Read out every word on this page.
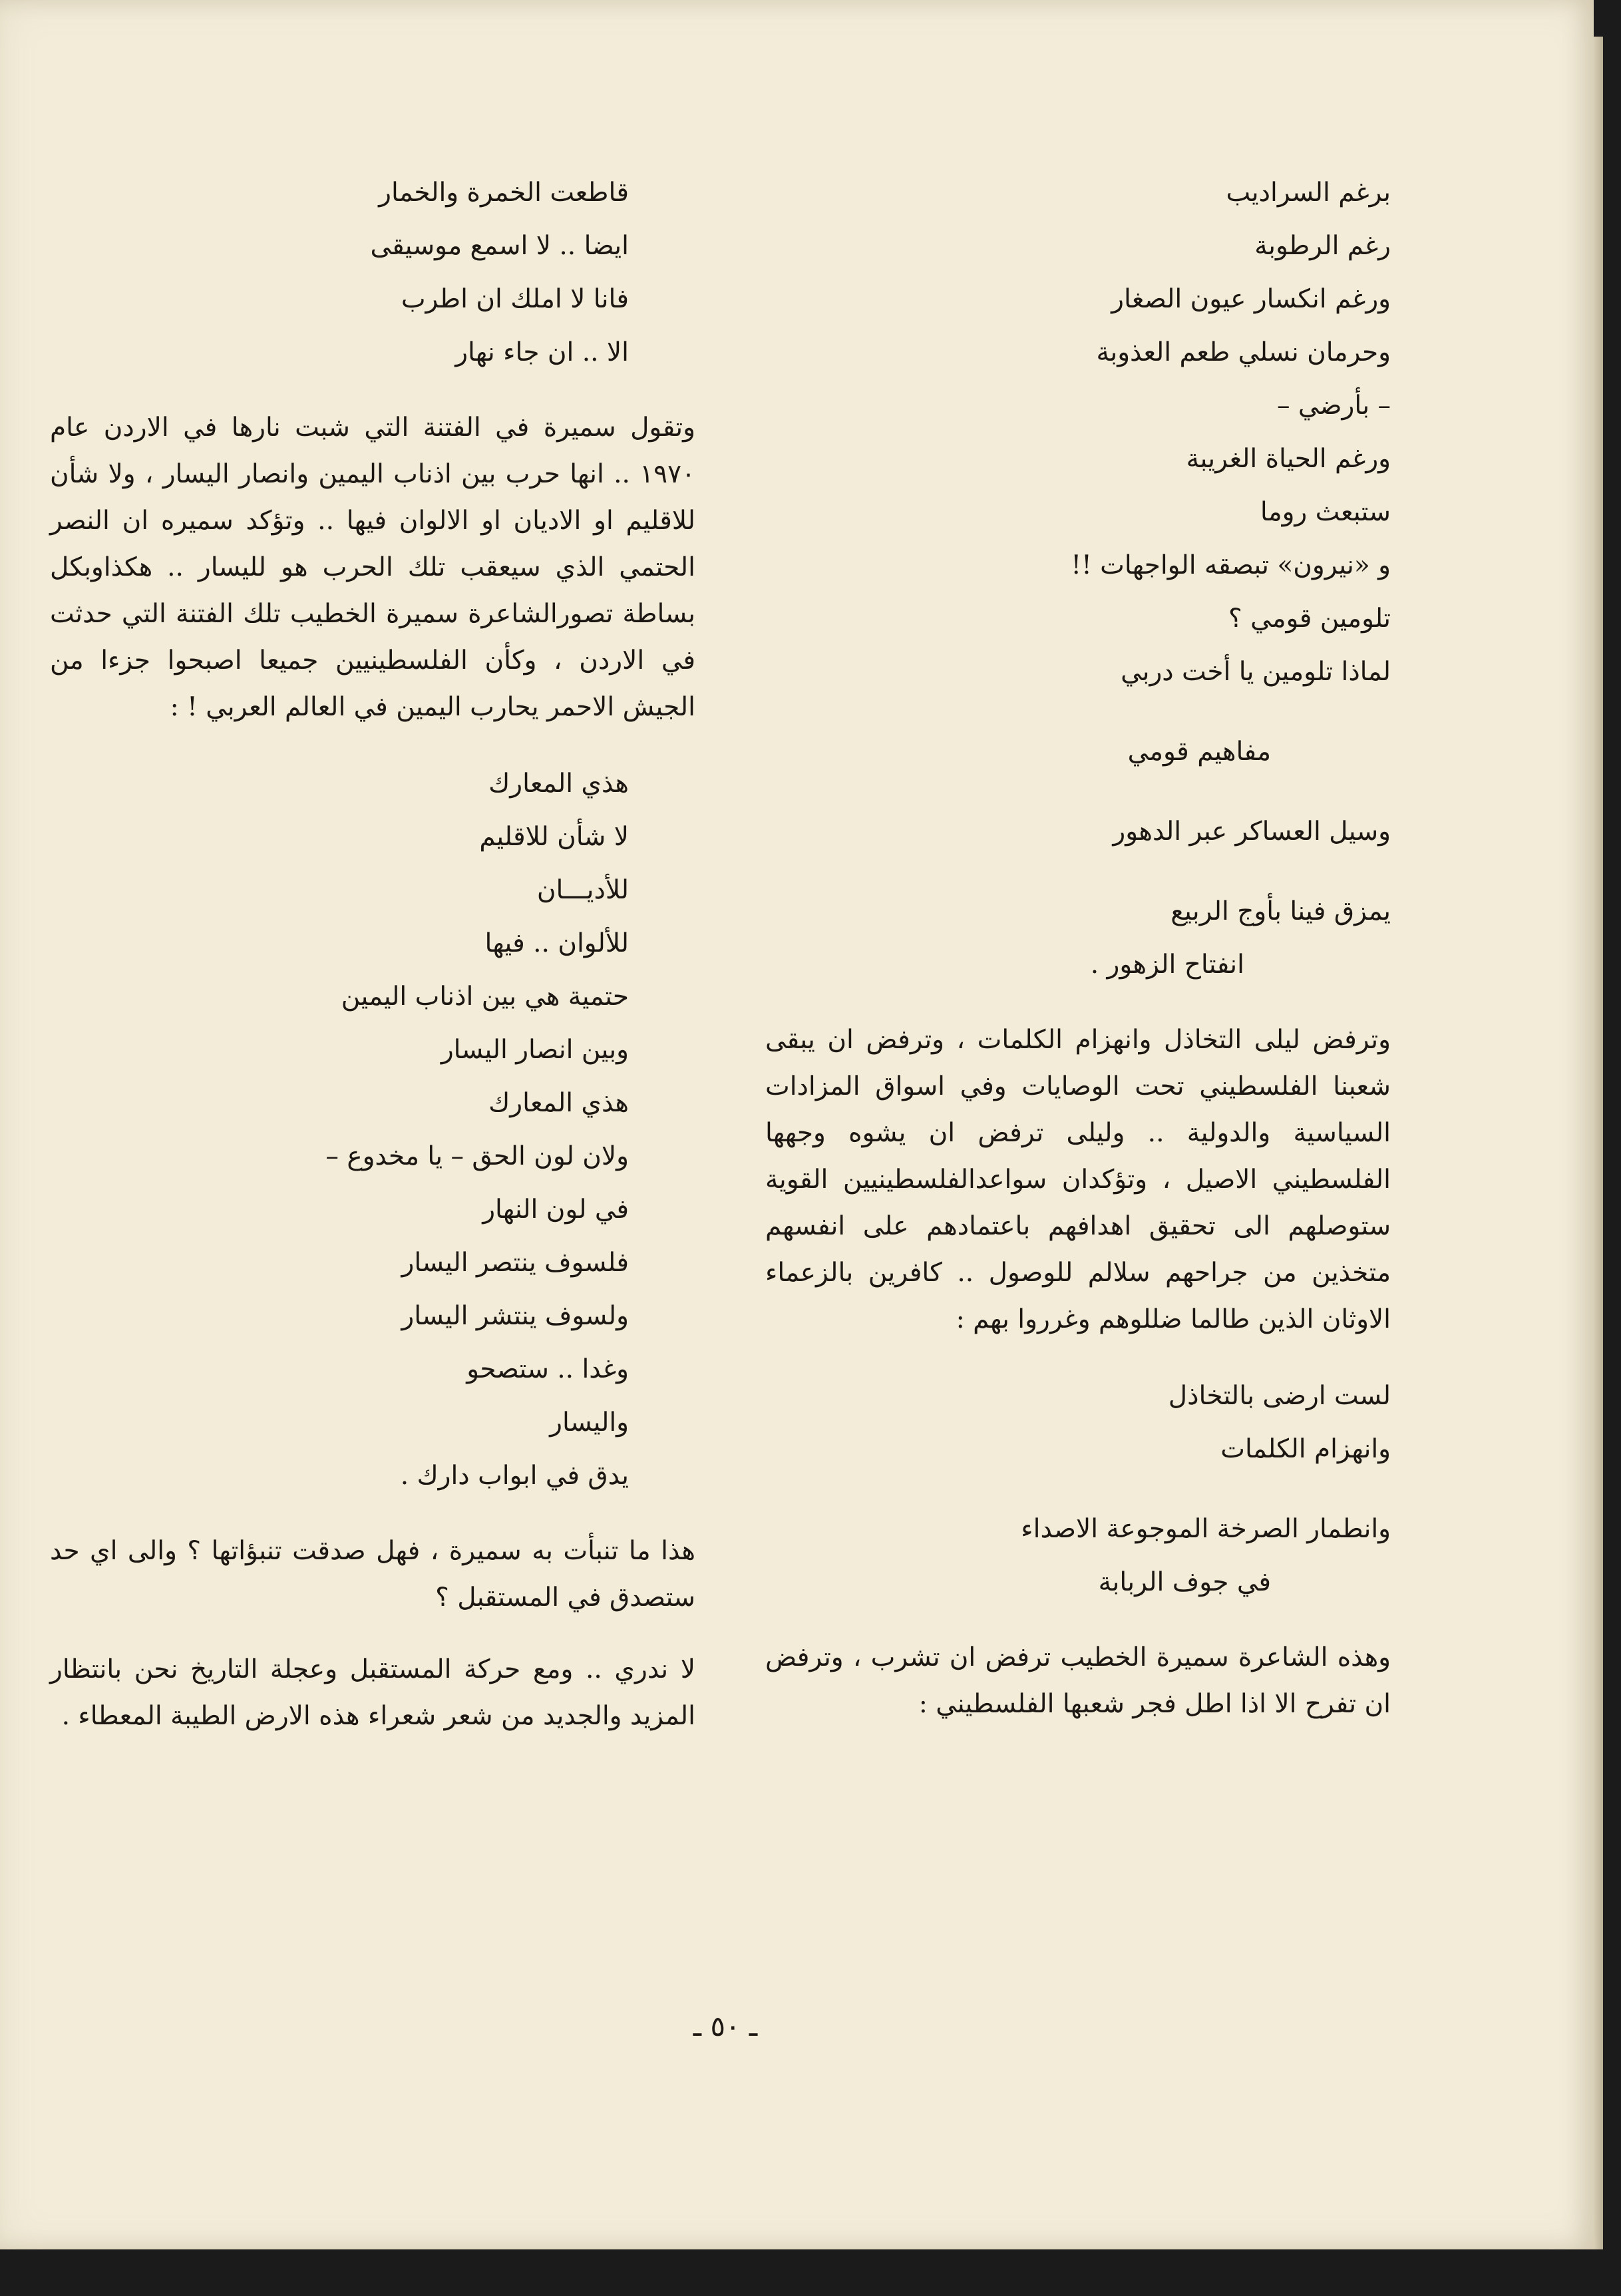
برغم السراديب

رغم الرطوبة

ورغم انكسار عيون الصغار

وحرمان نسلي طعم العذوبة

– بأرضي –

ورغم الحياة الغريبة

ستبعث روما

و «نيرون» تبصقه الواجهات !!

تلومين قومي ؟

لماذا تلومين يا أخت دربي

مفاهيم قومي

وسيل العساكر عبر الدهور

يمزق فينا بأوج الربيع

انفتاح الزهور .

وترفض ليلى التخاذل وانهزام الكلمات ، وترفض ان يبقى شعبنا الفلسطيني تحت الوصايات وفي اسواق المزادات السياسية والدولية .. وليلى ترفض ان يشوه وجهها الفلسطيني الاصيل ، وتؤكدان سواعدالفلسطينيين القوية ستوصلهم الى تحقيق اهدافهم باعتمادهم على انفسهم متخذين من جراحهم سلالم للوصول .. كافرين بالزعماء الاوثان الذين طالما ضللوهم وغرروا بهم :

لست ارضى بالتخاذل

وانهزام الكلمات

وانطمار الصرخة الموجوعة الاصداء

في جوف الربابة

وهذه الشاعرة سميرة الخطيب ترفض ان تشرب ، وترفض ان تفرح الا اذا اطل فجر شعبها الفلسطيني :

قاطعت الخمرة والخمار

ايضا .. لا اسمع موسيقى

فانا لا املك ان اطرب

الا .. ان جاء نهار

وتقول سميرة في الفتنة التي شبت نارها في الاردن عام ١٩٧٠ .. انها حرب بين اذناب اليمين وانصار اليسار ، ولا شأن للاقليم او الاديان او الالوان فيها .. وتؤكد سميره ان النصر الحتمي الذي سيعقب تلك الحرب هو لليسار .. هكذاوبكل بساطة تصورالشاعرة سميرة الخطيب تلك الفتنة التي حدثت في الاردن ، وكأن الفلسطينيين جميعا اصبحوا جزءا من الجيش الاحمر يحارب اليمين في العالم العربي ! :

هذي المعارك

لا شأن للاقليم

للأديـــان

للألوان .. فيها

حتمية هي بين اذناب اليمين

وبين انصار اليسار

هذي المعارك

ولان لون الحق – يا مخدوع –

في لون النهار

فلسوف ينتصر اليسار

ولسوف ينتشر اليسار

وغدا .. ستصحو

واليسار

يدق في ابواب دارك .

هذا ما تنبأت به سميرة ، فهل صدقت تنبؤاتها ؟ والى اي حد ستصدق في المستقبل ؟

لا ندري .. ومع حركة المستقبل وعجلة التاريخ نحن بانتظار المزيد والجديد من شعر شعراء هذه الارض الطيبة المعطاء .

ـ ٥٠ ـ
